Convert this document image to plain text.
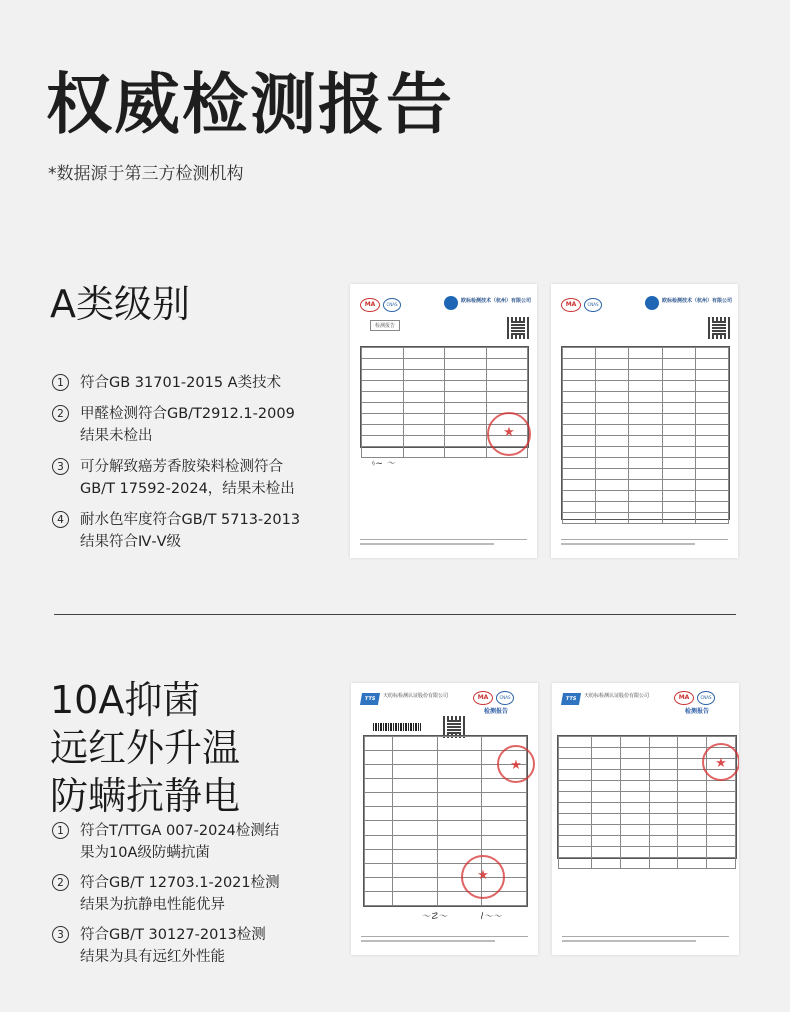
权威检测报告
*数据源于第三方检测机构
A类级别
1	符合GB 31701-2015 A类技术
2	甲醛检测符合GB/T2912.1-2009结果未检出
3	可分解致癌芳香胺染料检测符合GB/T 17592-2024，结果未检出
4	耐水色牢度符合GB/T 5713-2013结果符合Ⅳ-Ⅴ级
MA	CNAS
欧标检测技术（杭州）有限公司
检测报告

★
ᛃ~ 〜
MA	CNAS
欧标检测技术（杭州）有限公司

10A抑菌
远红外升温
防螨抗静电
1	符合T/TTGA 007-2024检测结果为10A级防螨抗菌
2	符合GB/T 12703.1-2021检测结果为抗静电性能优异
3	符合GB/T 30127-2013检测结果为具有远红外性能
TTS	天纺标检测认证股份有限公司	MA	CNAS
检测报告

★
★
〜☡〜	⌇〜〜
TTS	天纺标检测认证股份有限公司	MA	CNAS
检测报告

★
